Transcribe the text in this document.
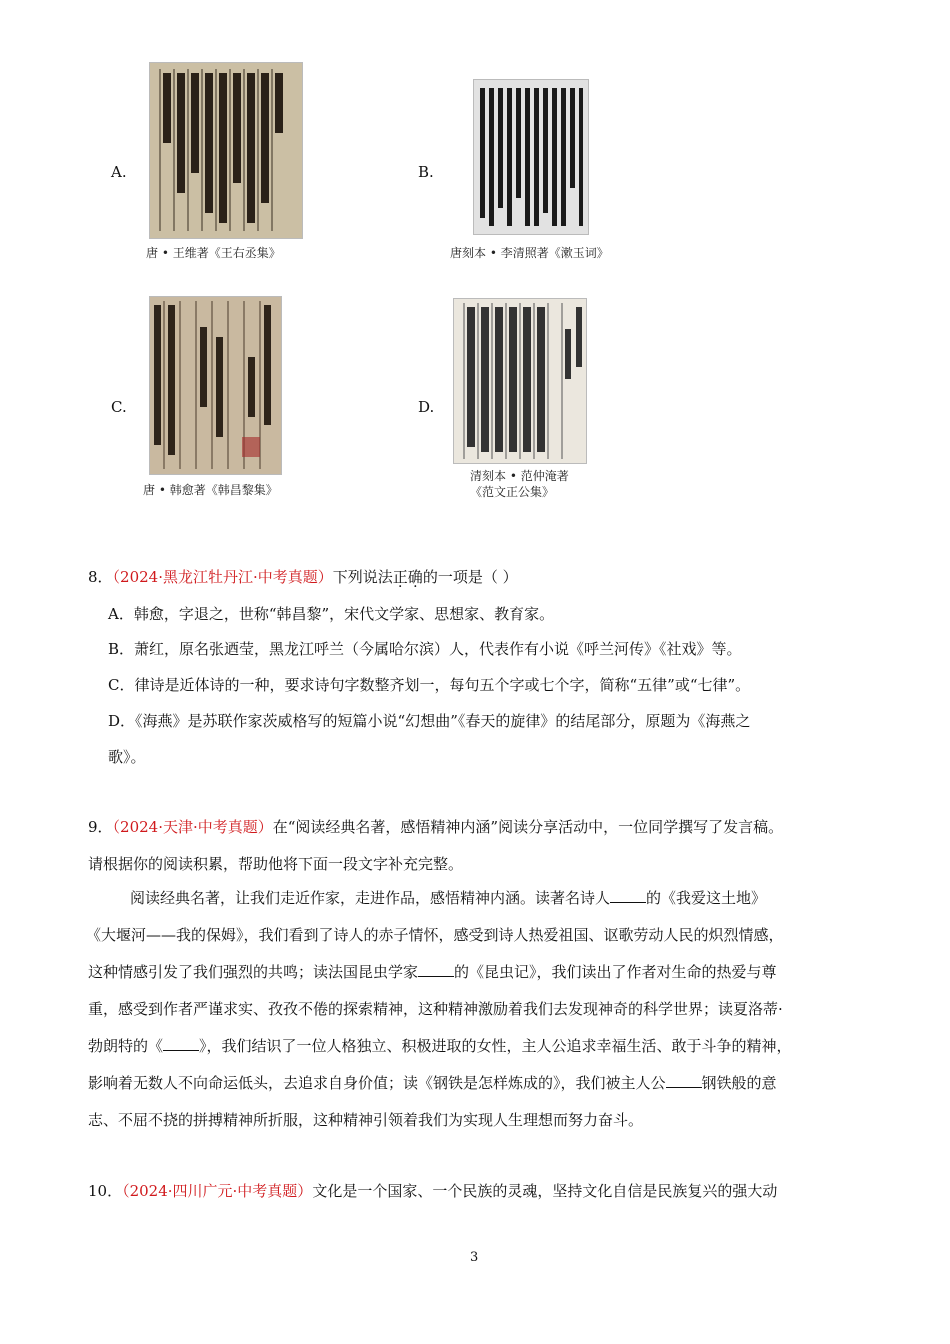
A.
唐 • 王维著《王右丞集》
B.
唐刻本 • 李清照著《漱玉词》
C.
唐 • 韩愈著《韩昌黎集》
D.
清刻本 • 范仲淹著
《范文正公集》
8．（2024·黑龙江牡丹江·中考真题）下列说法正确的一项是（ ）
A．韩愈，字退之，世称“韩昌黎”，宋代文学家、思想家、教育家。
B．萧红，原名张迺莹，黑龙江呼兰（今属哈尔滨）人，代表作有小说《呼兰河传》《社戏》等。
C．律诗是近体诗的一种，要求诗句字数整齐划一，每句五个字或七个字，简称“五律”或“七律”。
D．《海燕》是苏联作家茨威格写的短篇小说“幻想曲”《春天的旋律》的结尾部分，原题为《海燕之
歌》。
9．（2024·天津·中考真题）在“阅读经典名著，感悟精神内涵”阅读分享活动中，一位同学撰写了发言稿。
请根据你的阅读积累，帮助他将下面一段文字补充完整。
阅读经典名著，让我们走近作家，走进作品，感悟精神内涵。读著名诗人 的《我爱这土地》
《大堰河——我的保姆》，我们看到了诗人的赤子情怀，感受到诗人热爱祖国、讴歌劳动人民的炽烈情感，
这种情感引发了我们强烈的共鸣；读法国昆虫学家 的《昆虫记》，我们读出了作者对生命的热爱与尊
重，感受到作者严谨求实、孜孜不倦的探索精神，这种精神激励着我们去发现神奇的科学世界；读夏洛蒂·
勃朗特的《 》，我们结识了一位人格独立、积极进取的女性，主人公追求幸福生活、敢于斗争的精神，
影响着无数人不向命运低头，去追求自身价值；读《钢铁是怎样炼成的》，我们被主人公 钢铁般的意
志、不屈不挠的拼搏精神所折服，这种精神引领着我们为实现人生理想而努力奋斗。
10．（2024·四川广元·中考真题）文化是一个国家、一个民族的灵魂，坚持文化自信是民族复兴的强大动
3
